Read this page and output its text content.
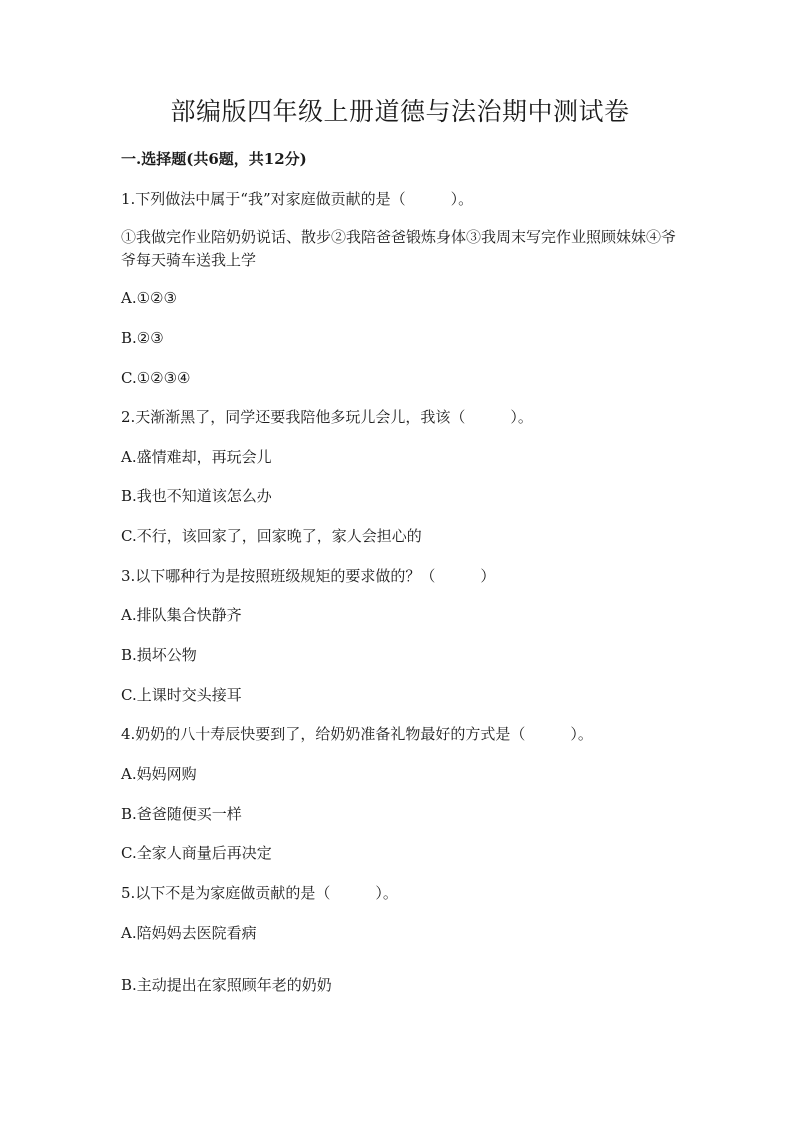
部编版四年级上册道德与法治期中测试卷
一.选择题(共6题，共12分)
1.下列做法中属于“我”对家庭做贡献的是（　　　）。
①我做完作业陪奶奶说话、散步②我陪爸爸锻炼身体③我周末写完作业照顾妹妹④爷爷每天骑车送我上学
A.①②③
B.②③
C.①②③④
2.天渐渐黑了，同学还要我陪他多玩儿会儿，我该（　　　）。
A.盛情难却，再玩会儿
B.我也不知道该怎么办
C.不行，该回家了，回家晚了，家人会担心的
3.以下哪种行为是按照班级规矩的要求做的？（　　　）
A.排队集合快静齐
B.损坏公物
C.上课时交头接耳
4.奶奶的八十寿辰快要到了，给奶奶准备礼物最好的方式是（　　　）。
A.妈妈网购
B.爸爸随便买一样
C.全家人商量后再决定
5.以下不是为家庭做贡献的是（　　　）。
A.陪妈妈去医院看病
B.主动提出在家照顾年老的奶奶
